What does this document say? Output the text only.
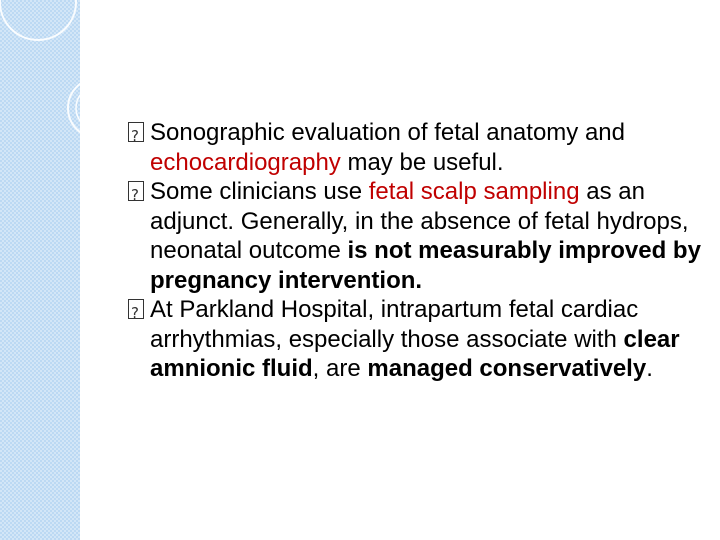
?
Sonographic evaluation of fetal anatomy and echocardiography may be useful.

?
Some clinicians use fetal scalp sampling as an adjunct. Generally, in the absence of fetal hydrops, neonatal outcome is not measurably improved by pregnancy intervention.

?
At Parkland Hospital, intrapartum fetal cardiac arrhythmias, especially those associate with clear amnionic fluid, are managed conservatively.
